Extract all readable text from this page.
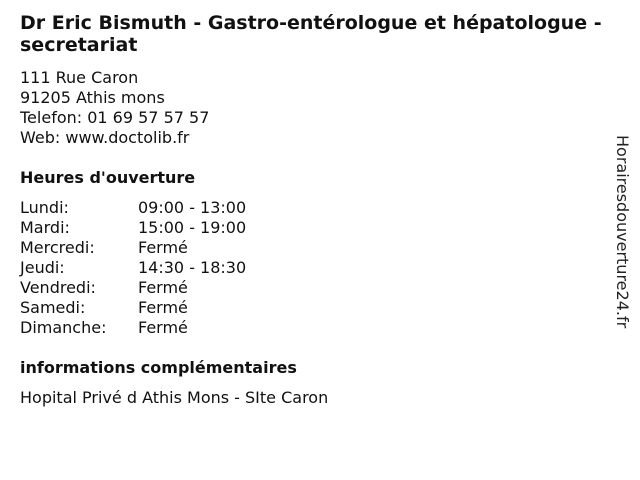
Dr Eric Bismuth - Gastro-entérologue et hépatologue - secretariat
111 Rue Caron
91205 Athis mons
Telefon: 01 69 57 57 57
Web: www.doctolib.fr
Heures d'ouverture
Lundi:	09:00 - 13:00
Mardi:	15:00 - 19:00
Mercredi:	Fermé
Jeudi:	14:30 - 18:30
Vendredi:	Fermé
Samedi:	Fermé
Dimanche:	Fermé
informations complémentaires
Hopital Privé d Athis Mons - SIte Caron
Horairesdouverture24.fr
